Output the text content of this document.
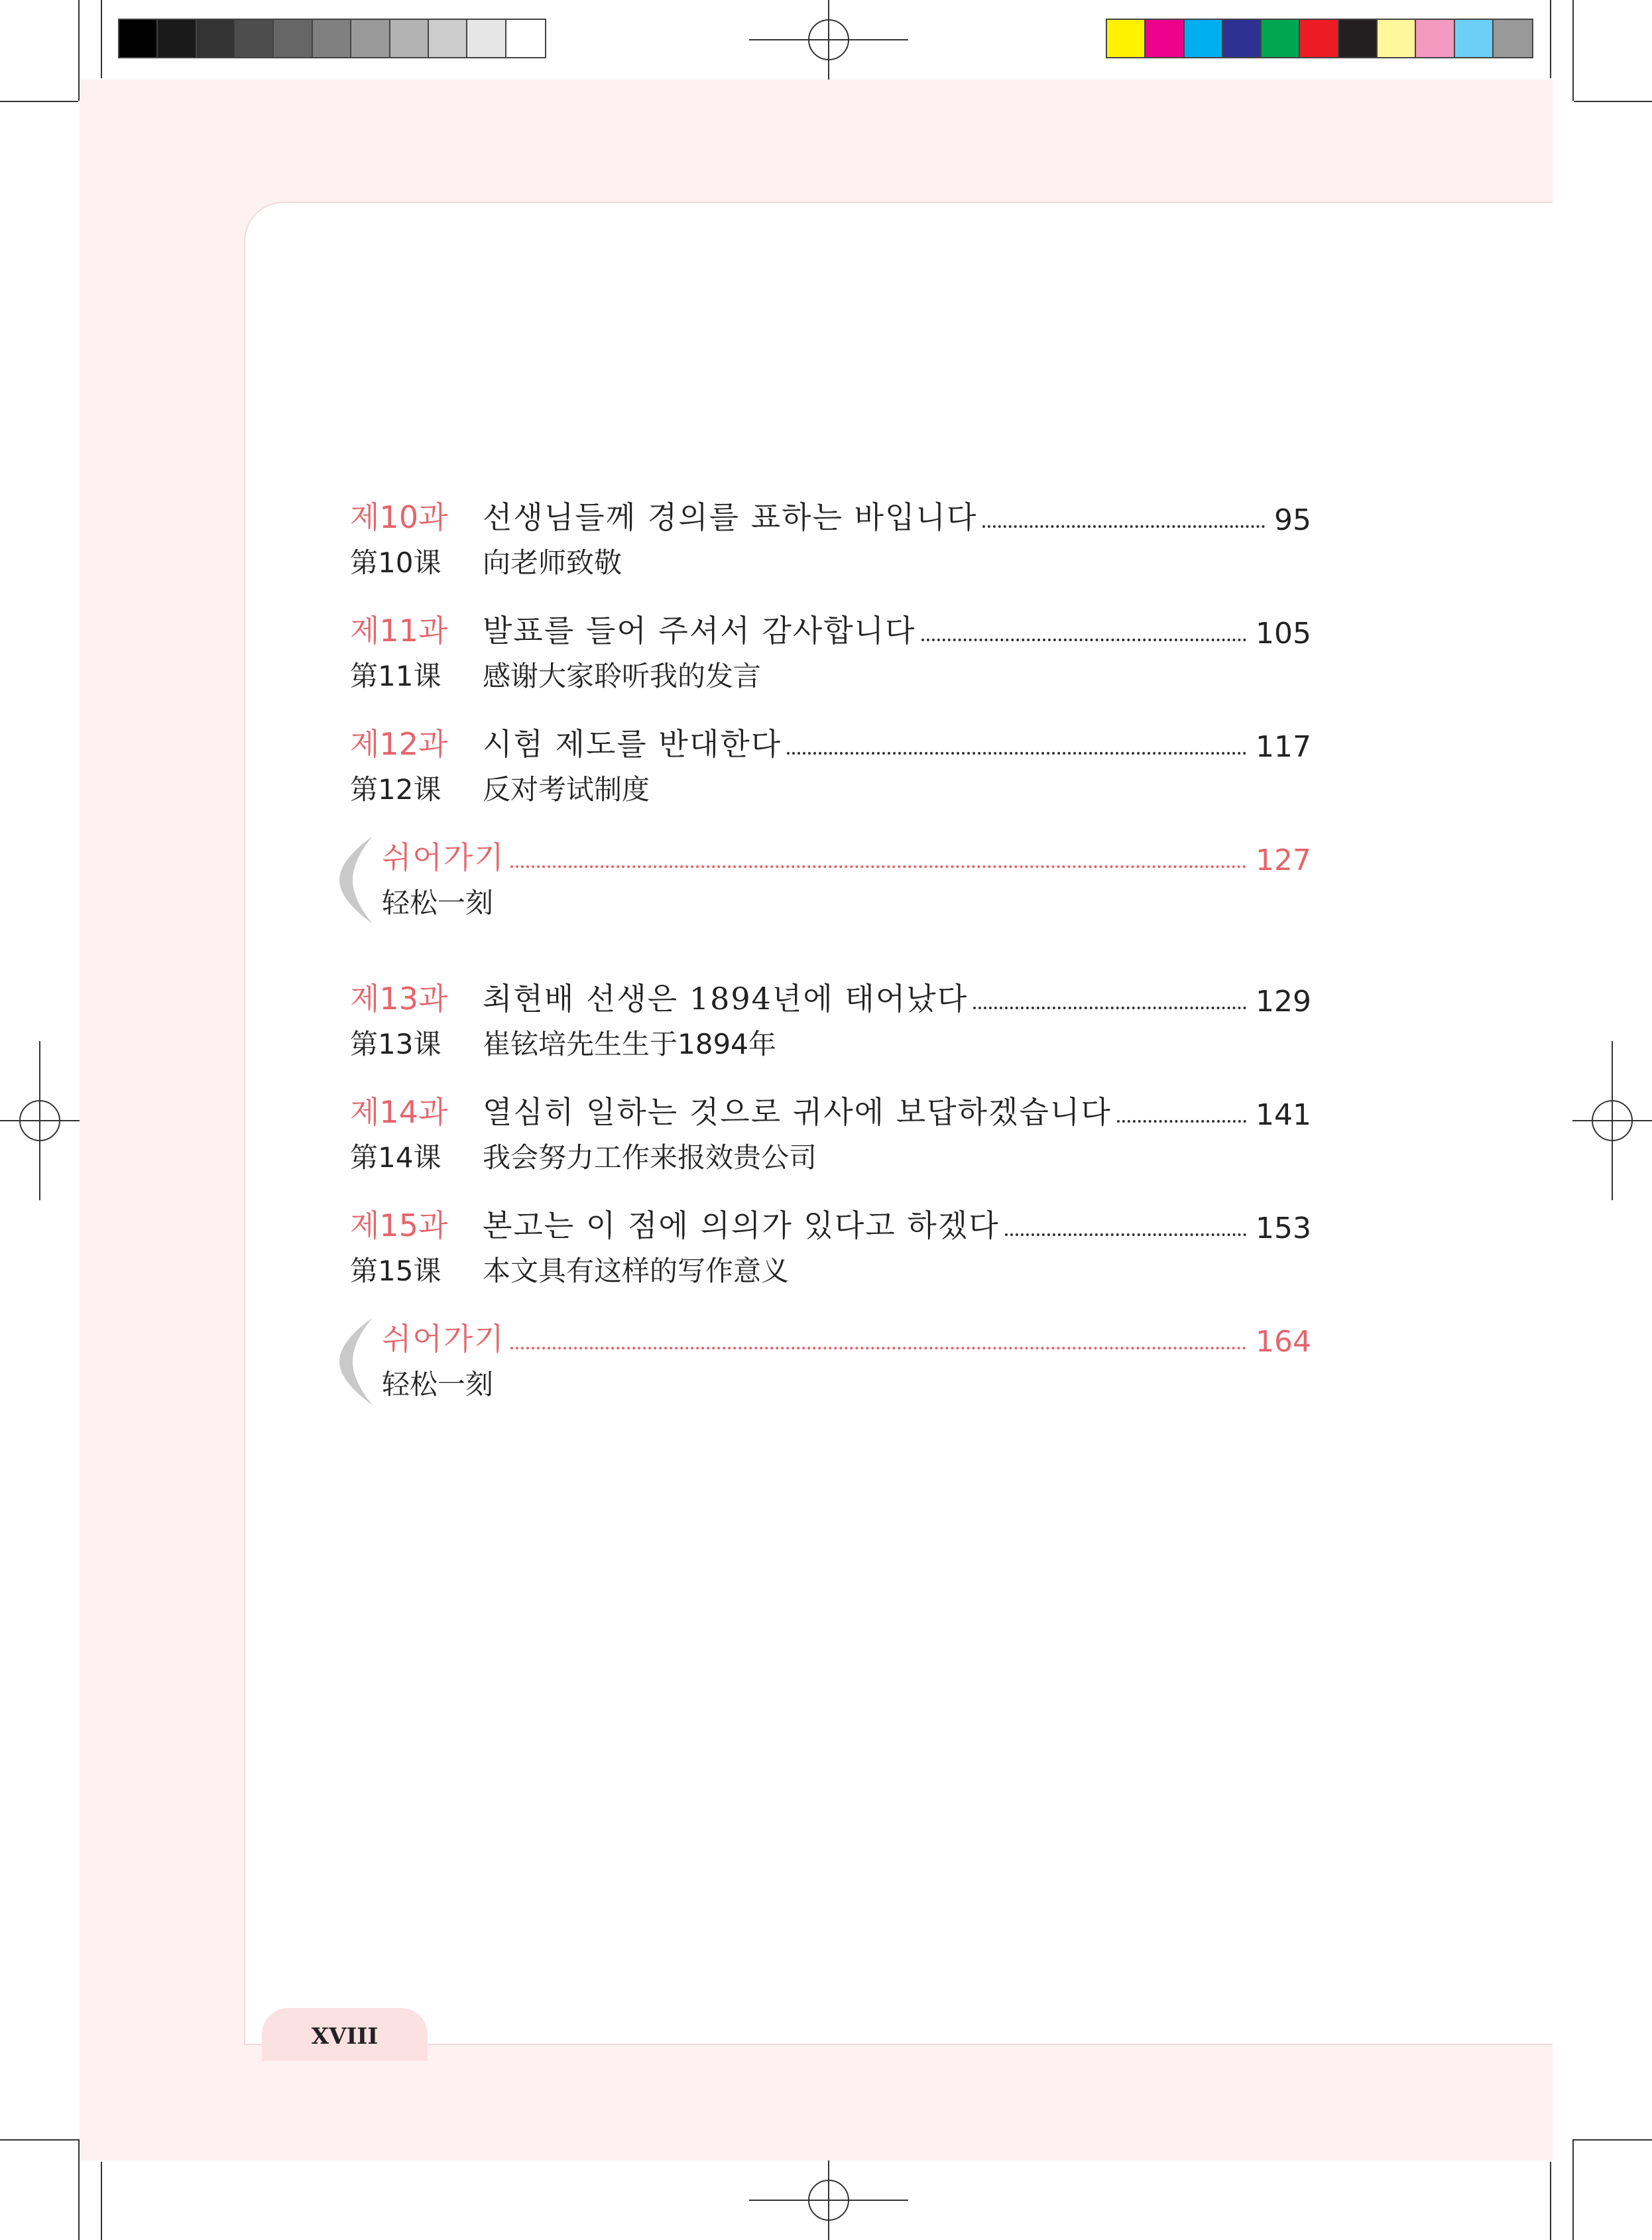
제10과	선생님들께 경의를 표하는 바입니다	95
第10课	向老师致敬
제11과	발표를 들어 주셔서 감사합니다	105
第11课	感谢大家聆听我的发言
제12과	시험 제도를 반대한다	117
第12课	反对考试制度
쉬어가기	127
轻松一刻
제13과	최현배 선생은 1894년에 태어났다	129
第13课	崔铉培先生生于1894年
제14과	열심히 일하는 것으로 귀사에 보답하겠습니다	141
第14课	我会努力工作来报效贵公司
제15과	본고는 이 점에 의의가 있다고 하겠다	153
第15课	本文具有这样的写作意义
쉬어가기	164
轻松一刻
XVIII
